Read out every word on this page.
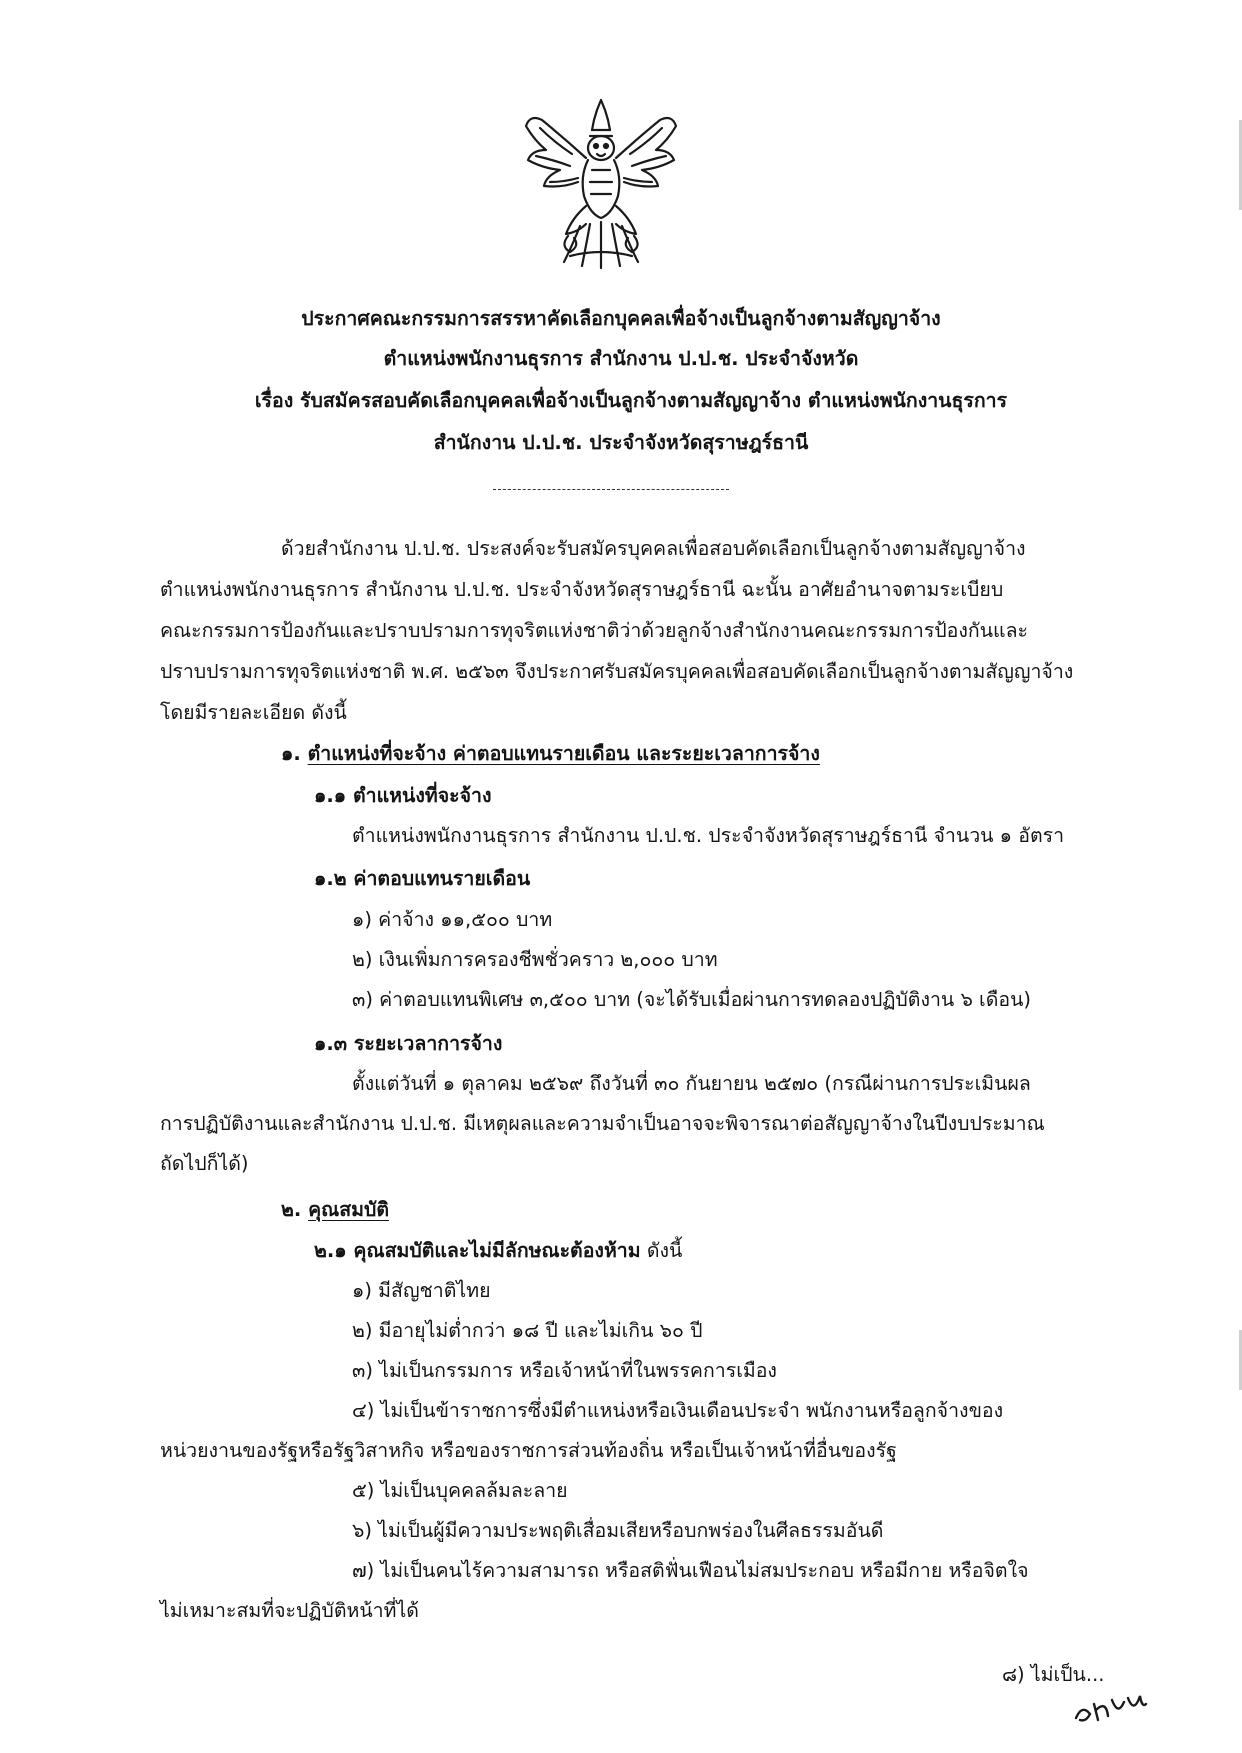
ประกาศคณะกรรมการสรรหาคัดเลือกบุคคลเพื่อจ้างเป็นลูกจ้างตามสัญญาจ้าง
ตำแหน่งพนักงานธุรการ สำนักงาน ป.ป.ช. ประจำจังหวัด
เรื่อง รับสมัครสอบคัดเลือกบุคคลเพื่อจ้างเป็นลูกจ้างตามสัญญาจ้าง ตำแหน่งพนักงานธุรการ
สำนักงาน ป.ป.ช. ประจำจังหวัดสุราษฎร์ธานี
ด้วยสำนักงาน ป.ป.ช. ประสงค์จะรับสมัครบุคคลเพื่อสอบคัดเลือกเป็นลูกจ้างตามสัญญาจ้าง
ตำแหน่งพนักงานธุรการ สำนักงาน ป.ป.ช. ประจำจังหวัดสุราษฎร์ธานี ฉะนั้น อาศัยอำนาจตามระเบียบ
คณะกรรมการป้องกันและปราบปรามการทุจริตแห่งชาติว่าด้วยลูกจ้างสำนักงานคณะกรรมการป้องกันและ
ปราบปรามการทุจริตแห่งชาติ พ.ศ. ๒๕๖๓ จึงประกาศรับสมัครบุคคลเพื่อสอบคัดเลือกเป็นลูกจ้างตามสัญญาจ้าง
โดยมีรายละเอียด ดังนี้
๑. ตำแหน่งที่จะจ้าง ค่าตอบแทนรายเดือน และระยะเวลาการจ้าง
๑.๑ ตำแหน่งที่จะจ้าง
ตำแหน่งพนักงานธุรการ สำนักงาน ป.ป.ช. ประจำจังหวัดสุราษฎร์ธานี จำนวน ๑ อัตรา
๑.๒ ค่าตอบแทนรายเดือน
๑) ค่าจ้าง ๑๑,๕๐๐ บาท
๒) เงินเพิ่มการครองชีพชั่วคราว ๒,๐๐๐ บาท
๓) ค่าตอบแทนพิเศษ ๓,๕๐๐ บาท (จะได้รับเมื่อผ่านการทดลองปฏิบัติงาน ๖ เดือน)
๑.๓ ระยะเวลาการจ้าง
ตั้งแต่วันที่ ๑ ตุลาคม ๒๕๖๙ ถึงวันที่ ๓๐ กันยายน ๒๕๗๐ (กรณีผ่านการประเมินผล
การปฏิบัติงานและสำนักงาน ป.ป.ช. มีเหตุผลและความจำเป็นอาจจะพิจารณาต่อสัญญาจ้างในปีงบประมาณ
ถัดไปก็ได้)
๒. คุณสมบัติ
๒.๑ คุณสมบัติและไม่มีลักษณะต้องห้าม ดังนี้
๑) มีสัญชาติไทย
๒) มีอายุไม่ต่ำกว่า ๑๘ ปี และไม่เกิน ๖๐ ปี
๓) ไม่เป็นกรรมการ หรือเจ้าหน้าที่ในพรรคการเมือง
๔) ไม่เป็นข้าราชการซึ่งมีตำแหน่งหรือเงินเดือนประจำ พนักงานหรือลูกจ้างของ
หน่วยงานของรัฐหรือรัฐวิสาหกิจ หรือของราชการส่วนท้องถิ่น หรือเป็นเจ้าหน้าที่อื่นของรัฐ
๕) ไม่เป็นบุคคลล้มละลาย
๖) ไม่เป็นผู้มีความประพฤติเสื่อมเสียหรือบกพร่องในศีลธรรมอันดี
๗) ไม่เป็นคนไร้ความสามารถ หรือสติฟั่นเฟือนไม่สมประกอบ หรือมีกาย หรือจิตใจ
ไม่เหมาะสมที่จะปฏิบัติหน้าที่ได้
๘) ไม่เป็น...
